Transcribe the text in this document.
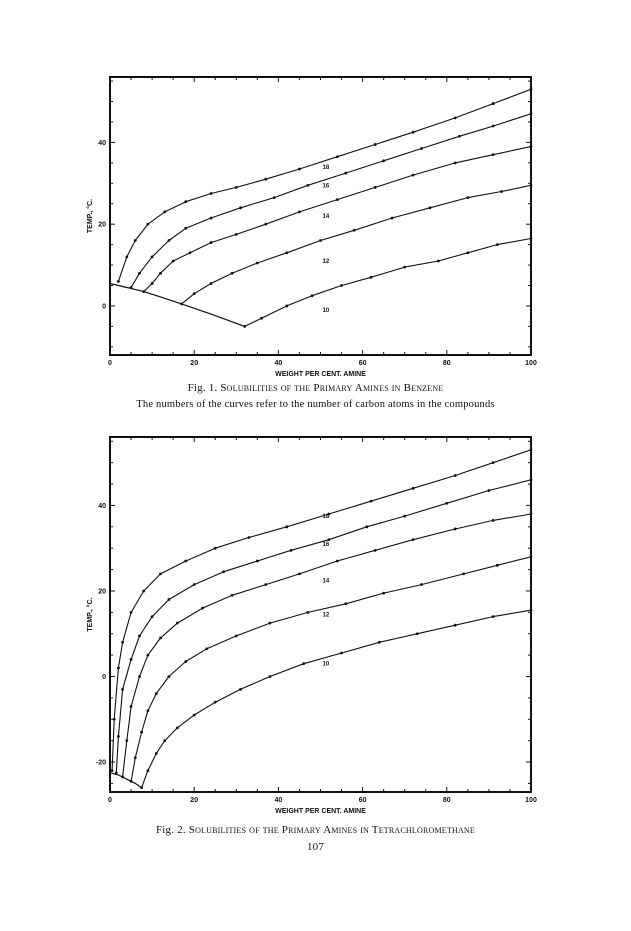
0	20	40	60	80	100
0
20
40
WEIGHT PER CENT. AMINE
TEMP., °C.
18
16
14
12
10
0	20	40	60	80	100
-20
0
20
40
WEIGHT PER CENT. AMINE
TEMP., °C.
18
16
14
12
10
Fig. 1. Solubilities of the Primary Amines in Benzene
The numbers of the curves refer to the number of carbon atoms in the compounds
Fig. 2. Solubilities of the Primary Amines in Tetrachloromethane
107
